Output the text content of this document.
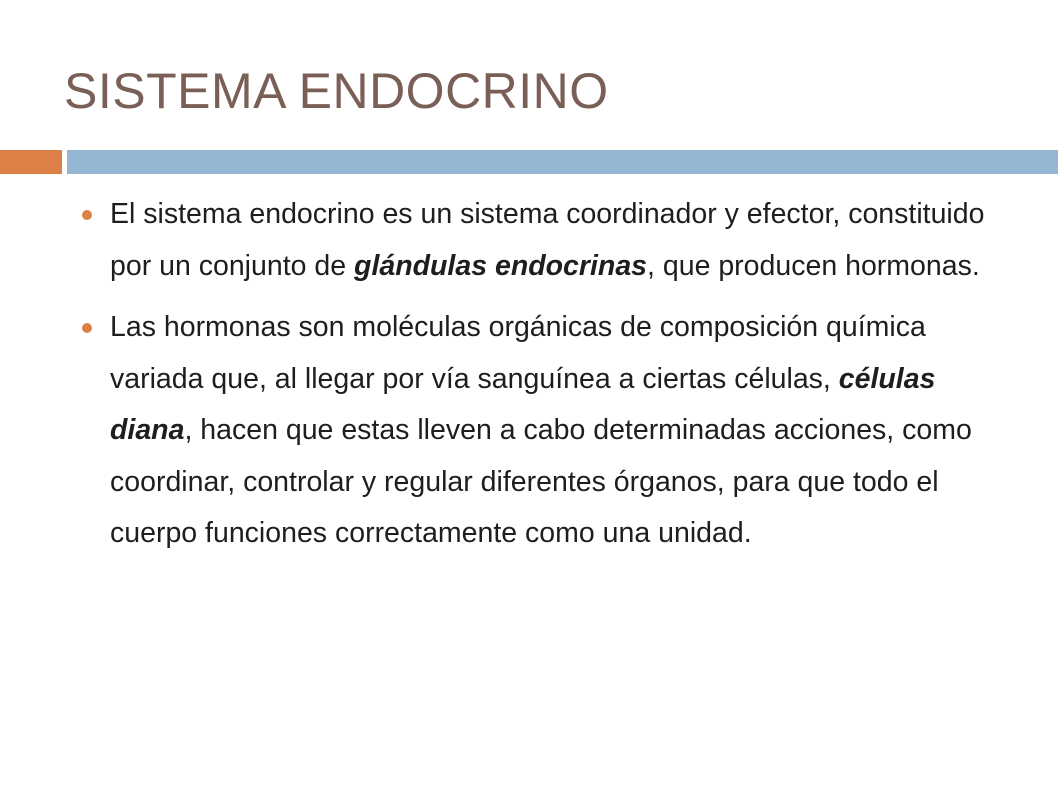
SISTEMA ENDOCRINO
El sistema endocrino es un sistema coordinador y efector, constituido por un conjunto de glándulas endocrinas, que producen hormonas.
Las hormonas son moléculas orgánicas de composición química variada que, al llegar por vía sanguínea a ciertas células, células diana, hacen que estas lleven a cabo determinadas acciones, como coordinar, controlar y regular diferentes órganos, para que todo el cuerpo funciones correctamente como una unidad.
